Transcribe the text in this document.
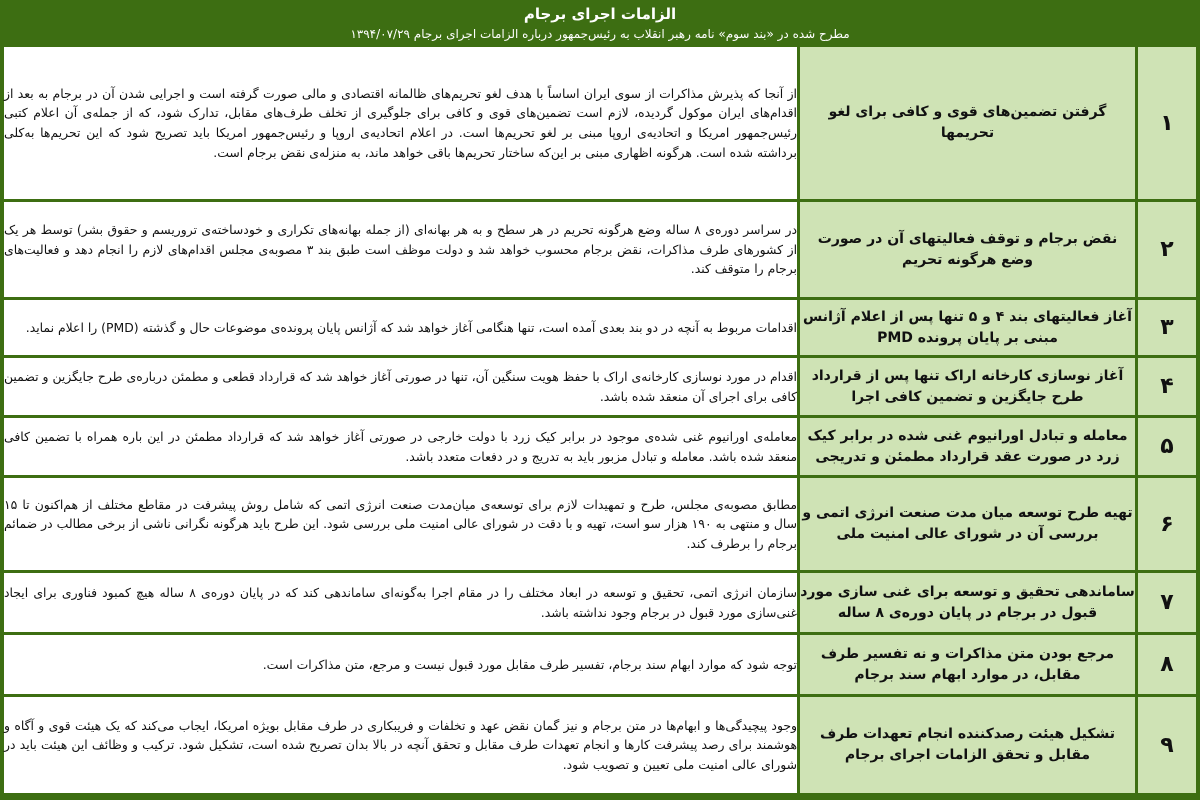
الزامات اجرای برجام
مطرح شده در «بند سوم» نامه رهبر انقلاب به رئیس‌جمهور درباره الزامات اجرای برجام ۱۳۹۴/۰۷/۲۹
۱	گرفتن تضمین‌های قوی و کافی برای لغو تحریمها	از آنجا که پذیرش مذاکرات از سوی ایران اساساً با هدف لغو تحریم‌های ظالمانه اقتصادی و مالی صورت گرفته است و اجرایی شدن آن در برجام به بعد از اقدام‌های ایران موکول گردیده، لازم است تضمین‌های قوی و کافی برای جلوگیری از تخلف طرف‌های مقابل، تدارک شود، که از جمله‌ی آن اعلام کتبی رئیس‌جمهور امریکا و اتحادیه‌ی اروپا مبنی بر لغو تحریم‌ها است. در اعلام اتحادیه‌ی اروپا و رئیس‌جمهور امریکا باید تصریح شود که این تحریم‌ها به‌کلی برداشته شده است. هرگونه اظهاری مبنی بر این‌که ساختار تحریم‌ها باقی خواهد ماند، به منزله‌ی نقض برجام است.
۲	نقض برجام و توقف فعالیتهای آن در صورت وضع هرگونه تحریم	در سراسر دوره‌ی ۸ ساله وضع هرگونه تحریم در هر سطح و به هر بهانه‌ای (از جمله بهانه‌های تکراری و خودساخته‌ی تروریسم و حقوق بشر) توسط هر یک از کشورهای طرف مذاکرات، نقض برجام محسوب خواهد شد و دولت موظف است طبق بند ۳ مصوبه‌ی مجلس اقدام‌های لازم را انجام دهد و فعالیت‌های برجام را متوقف کند.
۳	آغاز فعالیتهای بند ۴ و ۵ تنها پس از اعلام آژانس مبنی بر پایان پرونده PMD	اقدامات مربوط به آنچه در دو بند بعدی آمده است، تنها هنگامی آغاز خواهد شد که آژانس پایان پرونده‌ی موضوعات حال و گذشته (PMD) را اعلام نماید.
۴	آغاز نوسازی کارخانه اراک تنها پس از قرارداد طرح جایگزین و تضمین کافی اجرا	اقدام در مورد نوسازی کارخانه‌ی اراک با حفظ هویت سنگین آن، تنها در صورتی آغاز خواهد شد که قرارداد قطعی و مطمئن درباره‌ی طرح جایگزین و تضمین کافی برای اجرای آن منعقد شده باشد.
۵	معامله و تبادل اورانیوم غنی شده در برابر کیک زرد در صورت عقد قرارداد مطمئن و تدریجی	معامله‌ی اورانیوم غنی شده‌ی موجود در برابر کیک زرد با دولت خارجی در صورتی آغاز خواهد شد که قرارداد مطمئن در این باره همراه با تضمین کافی منعقد شده باشد. معامله و تبادل مزبور باید به تدریج و در دفعات متعدد باشد.
۶	تهیه طرح توسعه میان مدت صنعت انرژی اتمی و بررسی آن در شورای عالی امنیت ملی	مطابق مصوبه‌ی مجلس، طرح و تمهیدات لازم برای توسعه‌ی میان‌مدت صنعت انرژی اتمی که شامل روش پیشرفت در مقاطع مختلف از هم‌اکنون تا ۱۵ سال و منتهی به ۱۹۰ هزار سو است، تهیه و با دقت در شورای عالی امنیت ملی بررسی شود. این طرح باید هرگونه نگرانی ناشی از برخی مطالب در ضمائم برجام را برطرف کند.
۷	ساماندهی تحقیق و توسعه برای غنی سازی مورد قبول در برجام در پایان دوره‌ی ۸ ساله	سازمان انرژی اتمی، تحقیق و توسعه در ابعاد مختلف را در مقام اجرا به‌گونه‌ای ساماندهی کند که در پایان دوره‌ی ۸ ساله هیچ کمبود فناوری برای ایجاد غنی‌سازی مورد قبول در برجام وجود نداشته باشد.
۸	مرجع بودن متن مذاکرات و نه تفسیر طرف مقابل، در موارد ابهام سند برجام	توجه شود که موارد ابهام سند برجام، تفسیر طرف مقابل مورد قبول نیست و مرجع، متن مذاکرات است.
۹	تشکیل هیئت رصدکننده انجام تعهدات طرف مقابل و تحقق الزامات اجرای برجام	وجود پیچیدگی‌ها و ابهام‌ها در متن برجام و نیز گمان نقض عهد و تخلفات و فریبکاری در طرف مقابل بویژه امریکا، ایجاب می‌کند که یک هیئت قوی و آگاه و هوشمند برای رصد پیشرفت کارها و انجام تعهدات طرف مقابل و تحقق آنچه در بالا بدان تصریح شده است، تشکیل شود. ترکیب و وظائف این هیئت باید در شورای عالی امنیت ملی تعیین و تصویب شود.
